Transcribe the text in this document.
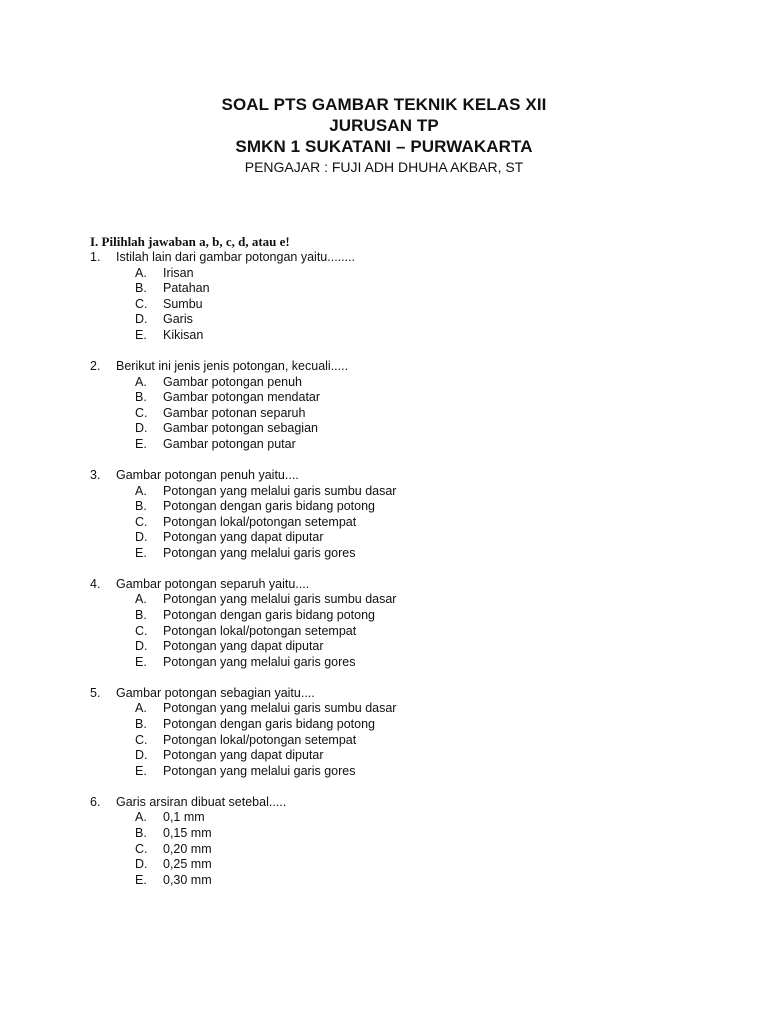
SOAL PTS GAMBAR TEKNIK KELAS XII
JURUSAN TP
SMKN 1 SUKATANI – PURWAKARTA
PENGAJAR : FUJI ADH DHUHA AKBAR, ST
I. Pilihlah jawaban a, b, c, d, atau e!
1. Istilah lain dari gambar potongan yaitu........
A. Irisan
B. Patahan
C. Sumbu
D. Garis
E. Kikisan
2. Berikut ini jenis jenis potongan, kecuali.....
A. Gambar potongan penuh
B. Gambar potongan mendatar
C. Gambar potonan separuh
D. Gambar potongan sebagian
E. Gambar potongan putar
3. Gambar potongan penuh yaitu....
A. Potongan yang melalui garis sumbu dasar
B. Potongan dengan garis bidang potong
C. Potongan lokal/potongan setempat
D. Potongan yang dapat diputar
E. Potongan yang melalui garis gores
4. Gambar potongan separuh yaitu....
A. Potongan yang melalui garis sumbu dasar
B. Potongan dengan garis bidang potong
C. Potongan lokal/potongan setempat
D. Potongan yang dapat diputar
E. Potongan yang melalui garis gores
5. Gambar potongan sebagian yaitu....
A. Potongan yang melalui garis sumbu dasar
B. Potongan dengan garis bidang potong
C. Potongan lokal/potongan setempat
D. Potongan yang dapat diputar
E. Potongan yang melalui garis gores
6. Garis arsiran dibuat setebal.....
A. 0,1 mm
B. 0,15 mm
C. 0,20 mm
D. 0,25 mm
E. 0,30 mm
